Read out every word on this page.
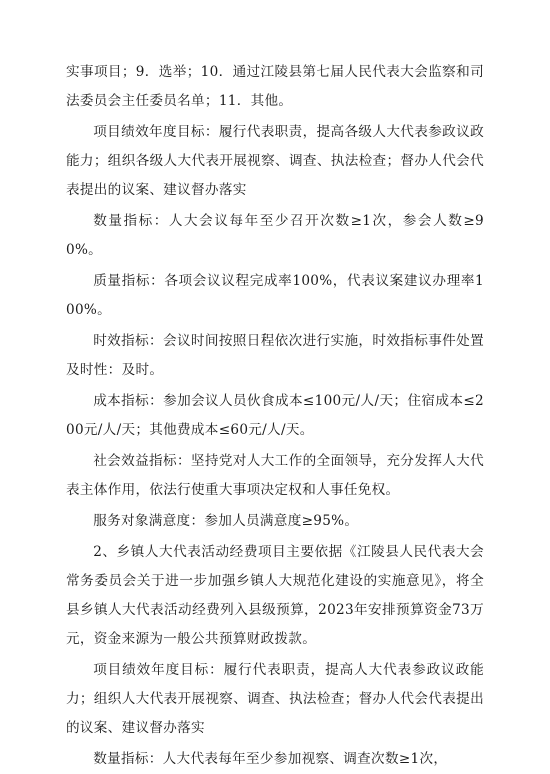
实事项目；9．选举；10．通过江陵县第七届人民代表大会监察和司法委员会主任委员名单；11．其他。

项目绩效年度目标：履行代表职责，提高各级人大代表参政议政能力；组织各级人大代表开展视察、调查、执法检查；督办人代会代表提出的议案、建议督办落实

数量指标：人大会议每年至少召开次数≥1次，参会人数≥90%。

质量指标：各项会议议程完成率100%，代表议案建议办理率100%。

时效指标：会议时间按照日程依次进行实施，时效指标事件处置及时性：及时。

成本指标：参加会议人员伙食成本≤100元/人/天；住宿成本≤200元/人/天；其他费成本≤60元/人/天。

社会效益指标：坚持党对人大工作的全面领导，充分发挥人大代表主体作用，依法行使重大事项决定权和人事任免权。

服务对象满意度：参加人员满意度≥95%。

2、乡镇人大代表活动经费项目主要依据《江陵县人民代表大会常务委员会关于进一步加强乡镇人大规范化建设的实施意见》，将全县乡镇人大代表活动经费列入县级预算，2023年安排预算资金73万元，资金来源为一般公共预算财政拨款。

项目绩效年度目标：履行代表职责，提高人大代表参政议政能力；组织人大代表开展视察、调查、执法检查；督办人代会代表提出的议案、建议督办落实

数量指标：人大代表每年至少参加视察、调查次数≥1次，
